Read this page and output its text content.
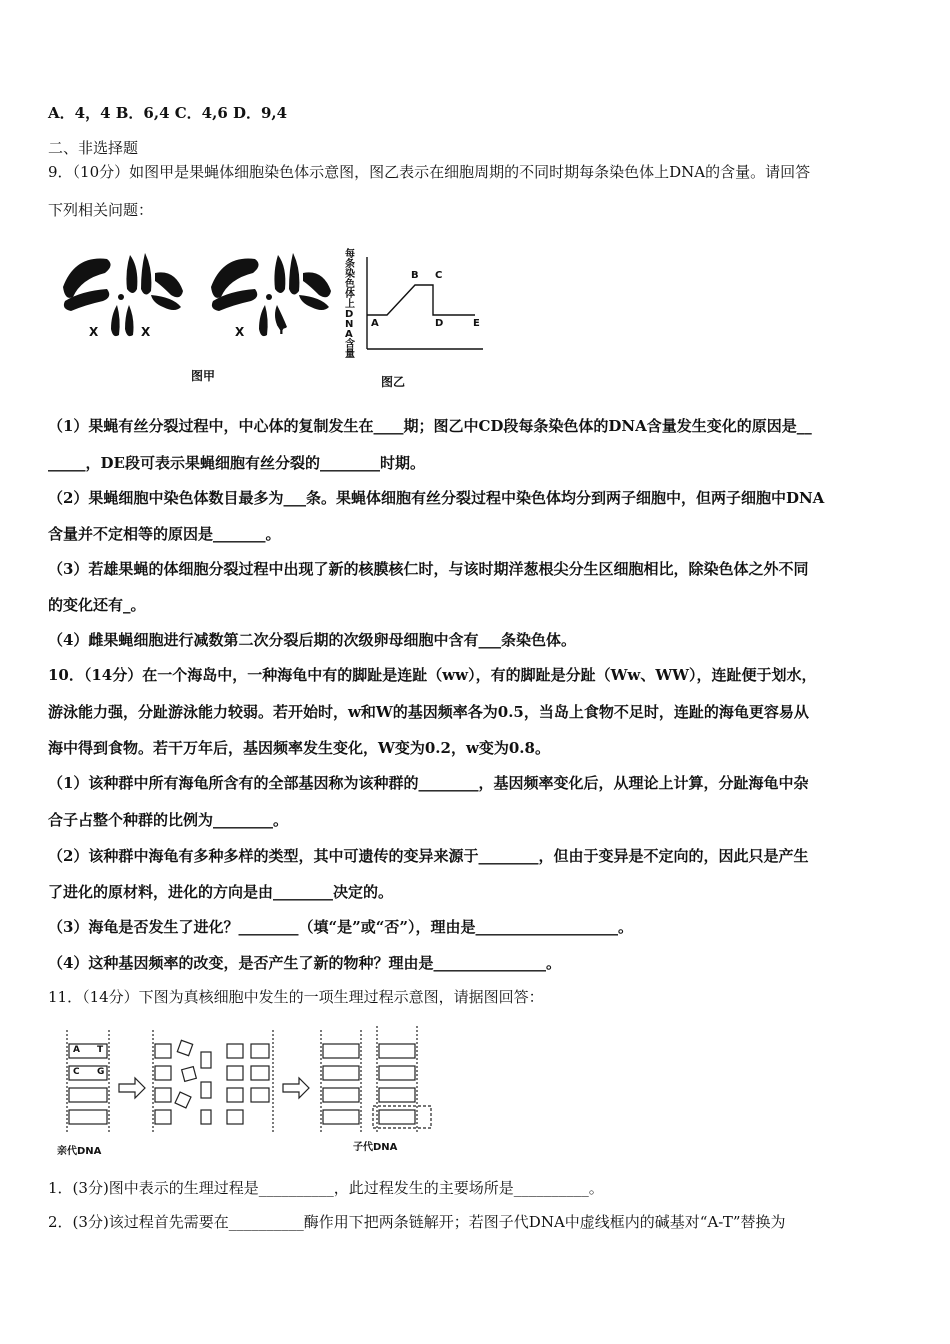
A．4，4 B．6,4 C．4,6 D．9,4
二、非选择题
9．（10分）如图甲是果蝇体细胞染色体示意图，图乙表示在细胞周期的不同时期每条染色体上DNA的含量。请回答
下列相关问题：
X	X	X	Y
图甲
每条染色体上DNA含量
A
B C
D	E
图乙
（1）果蝇有丝分裂过程中，中心体的复制发生在____期；图乙中CD段每条染色体的DNA含量发生变化的原因是__
_____，DE段可表示果蝇细胞有丝分裂的________时期。
（2）果蝇细胞中染色体数目最多为___条。果蝇体细胞有丝分裂过程中染色体均分到两子细胞中，但两子细胞中DNA
含量并不定相等的原因是_______。
（3）若雄果蝇的体细胞分裂过程中出现了新的核膜核仁时，与该时期洋葱根尖分生区细胞相比，除染色体之外不同
的变化还有_。
（4）雌果蝇细胞进行减数第二次分裂后期的次级卵母细胞中含有___条染色体。
10．（14分）在一个海岛中，一种海龟中有的脚趾是连趾（ww），有的脚趾是分趾（Ww、WW），连趾便于划水，
游泳能力强，分趾游泳能力较弱。若开始时，w和W的基因频率各为0.5，当岛上食物不足时，连趾的海龟更容易从
海中得到食物。若干万年后，基因频率发生变化，W变为0.2，w变为0.8。
（1）该种群中所有海龟所含有的全部基因称为该种群的________，基因频率变化后，从理论上计算，分趾海龟中杂
合子占整个种群的比例为________。
（2）该种群中海龟有多种多样的类型，其中可遗传的变异来源于________，但由于变异是不定向的，因此只是产生
了进化的原材料，进化的方向是由________决定的。
（3）海龟是否发生了进化？________（填“是”或“否”），理由是___________________。
（4）这种基因频率的改变，是否产生了新的物种？理由是_______________。
11．（14分）下图为真核细胞中发生的一项生理过程示意图，请据图回答：
A T
C G
亲代DNA	子代DNA
1．(3分)图中表示的生理过程是__________，此过程发生的主要场所是__________。
2．(3分)该过程首先需要在__________酶作用下把两条链解开；若图子代DNA中虚线框内的碱基对“A-T”替换为
